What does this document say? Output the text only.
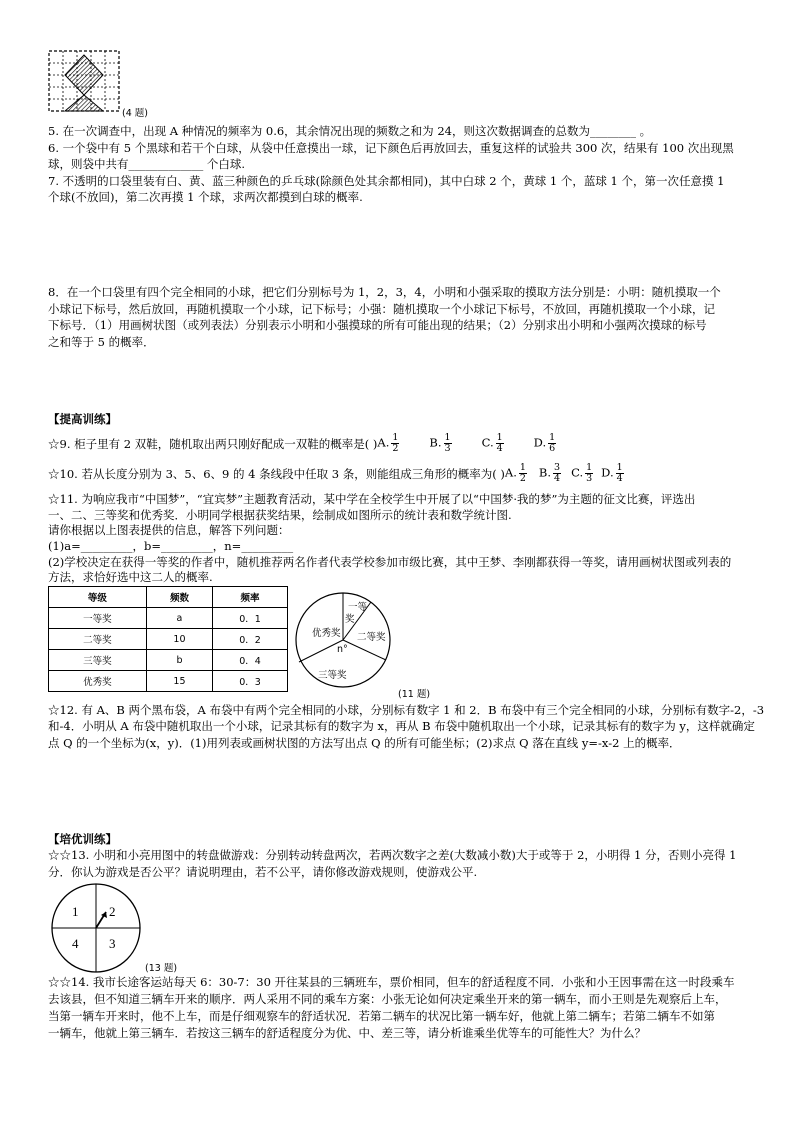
(4 题)
5. 在一次调查中，出现 A 种情况的频率为 0.6，其余情况出现的频数之和为 24，则这次数据调查的总数为________ 。
6. 一个袋中有 5 个黑球和若干个白球，从袋中任意摸出一球，记下颜色后再放回去，重复这样的试验共 300 次，结果有 100 次出现黑
球，则袋中共有_____________ 个白球.
7. 不透明的口袋里装有白、黄、蓝三种颜色的乒乓球(除颜色处其余都相同)，其中白球 2 个，黄球 1 个，蓝球 1 个，第一次任意摸 1
个球(不放回)，第二次再摸 1 个球，求两次都摸到白球的概率.
8．在一个口袋里有四个完全相同的小球，把它们分别标号为 1，2，3，4，小明和小强采取的摸取方法分别是：小明：随机摸取一个
小球记下标号，然后放回，再随机摸取一个小球，记下标号；小强：随机摸取一个小球记下标号，不放回，再随机摸取一个小球，记
下标号．（1）用画树状图（或列表法）分别表示小明和小强摸球的所有可能出现的结果；（2）分别求出小明和小强两次摸球的标号
之和等于 5 的概率．
【提高训练】
☆9. 柜子里有 2 双鞋，随机取出两只刚好配成一双鞋的概率是( ) A. $\frac{1}{2}$	B. $\frac{1}{3}$	C. $\frac{1}{4}$	D. $\frac{1}{6}$
☆10. 若从长度分别为 3、5、6、9 的 4 条线段中任取 3 条，则能组成三角形的概率为( ) A. $\frac{1}{2} B$. $\frac{3}{4} C$. $\frac{1}{3} D$. $\frac{1}{4}$
☆11. 为响应我市“中国梦”，“宜宾梦”主题教育活动，某中学在全校学生中开展了以“中国梦·我的梦”为主题的征文比赛，评选出
一、二、三等奖和优秀奖．小明同学根据获奖结果，绘制成如图所示的统计表和数学统计图.
请你根据以上图表提供的信息，解答下列问题：
(1)a=_________，b=_________，n=_________
(2)学校决定在获得一等奖的作者中，随机推荐两名作者代表学校参加市级比赛，其中王梦、李刚都获得一等奖，请用画树状图或列表的
方法，求恰好选中这二人的概率.
等级	频数	频率
一等奖	a	0．1
二等奖	10	0．2
三等奖	b	0．4
优秀奖	15	0．3
一等
奖
二等奖
优秀奖
三等奖
n°
(11 题)
☆12. 有 A、B 两个黑布袋，A 布袋中有两个完全相同的小球，分别标有数字 1 和 2．B 布袋中有三个完全相同的小球，分别标有数字-2，-3
和-4．小明从 A 布袋中随机取出一个小球，记录其标有的数字为 x，再从 B 布袋中随机取出一个小球，记录其标有的数字为 y，这样就确定
点 Q 的一个坐标为(x，y)．(1)用列表或画树状图的方法写出点 Q 的所有可能坐标；(2)求点 Q 落在直线 y=-x-2 上的概率．
【培优训练】
☆☆13. 小明和小亮用图中的转盘做游戏：分别转动转盘两次，若两次数字之差(大数减小数)大于或等于 2，小明得 1 分，否则小亮得 1
分．你认为游戏是否公平？请说明理由，若不公平，请你修改游戏规则，使游戏公平.
1 2
4 3
(13 题)
☆☆14. 我市长途客运站每天 6：30-7：30 开往某县的三辆班车，票价相同，但车的舒适程度不同．小张和小王因事需在这一时段乘车
去该县，但不知道三辆车开来的顺序．两人采用不同的乘车方案：小张无论如何决定乘坐开来的第一辆车，而小王则是先观察后上车，
当第一辆车开来时，他不上车，而是仔细观察车的舒适状况．若第二辆车的状况比第一辆车好，他就上第二辆车；若第二辆车不如第
一辆车，他就上第三辆车．若按这三辆车的舒适程度分为优、中、差三等，请分析谁乘坐优等车的可能性大？为什么？
